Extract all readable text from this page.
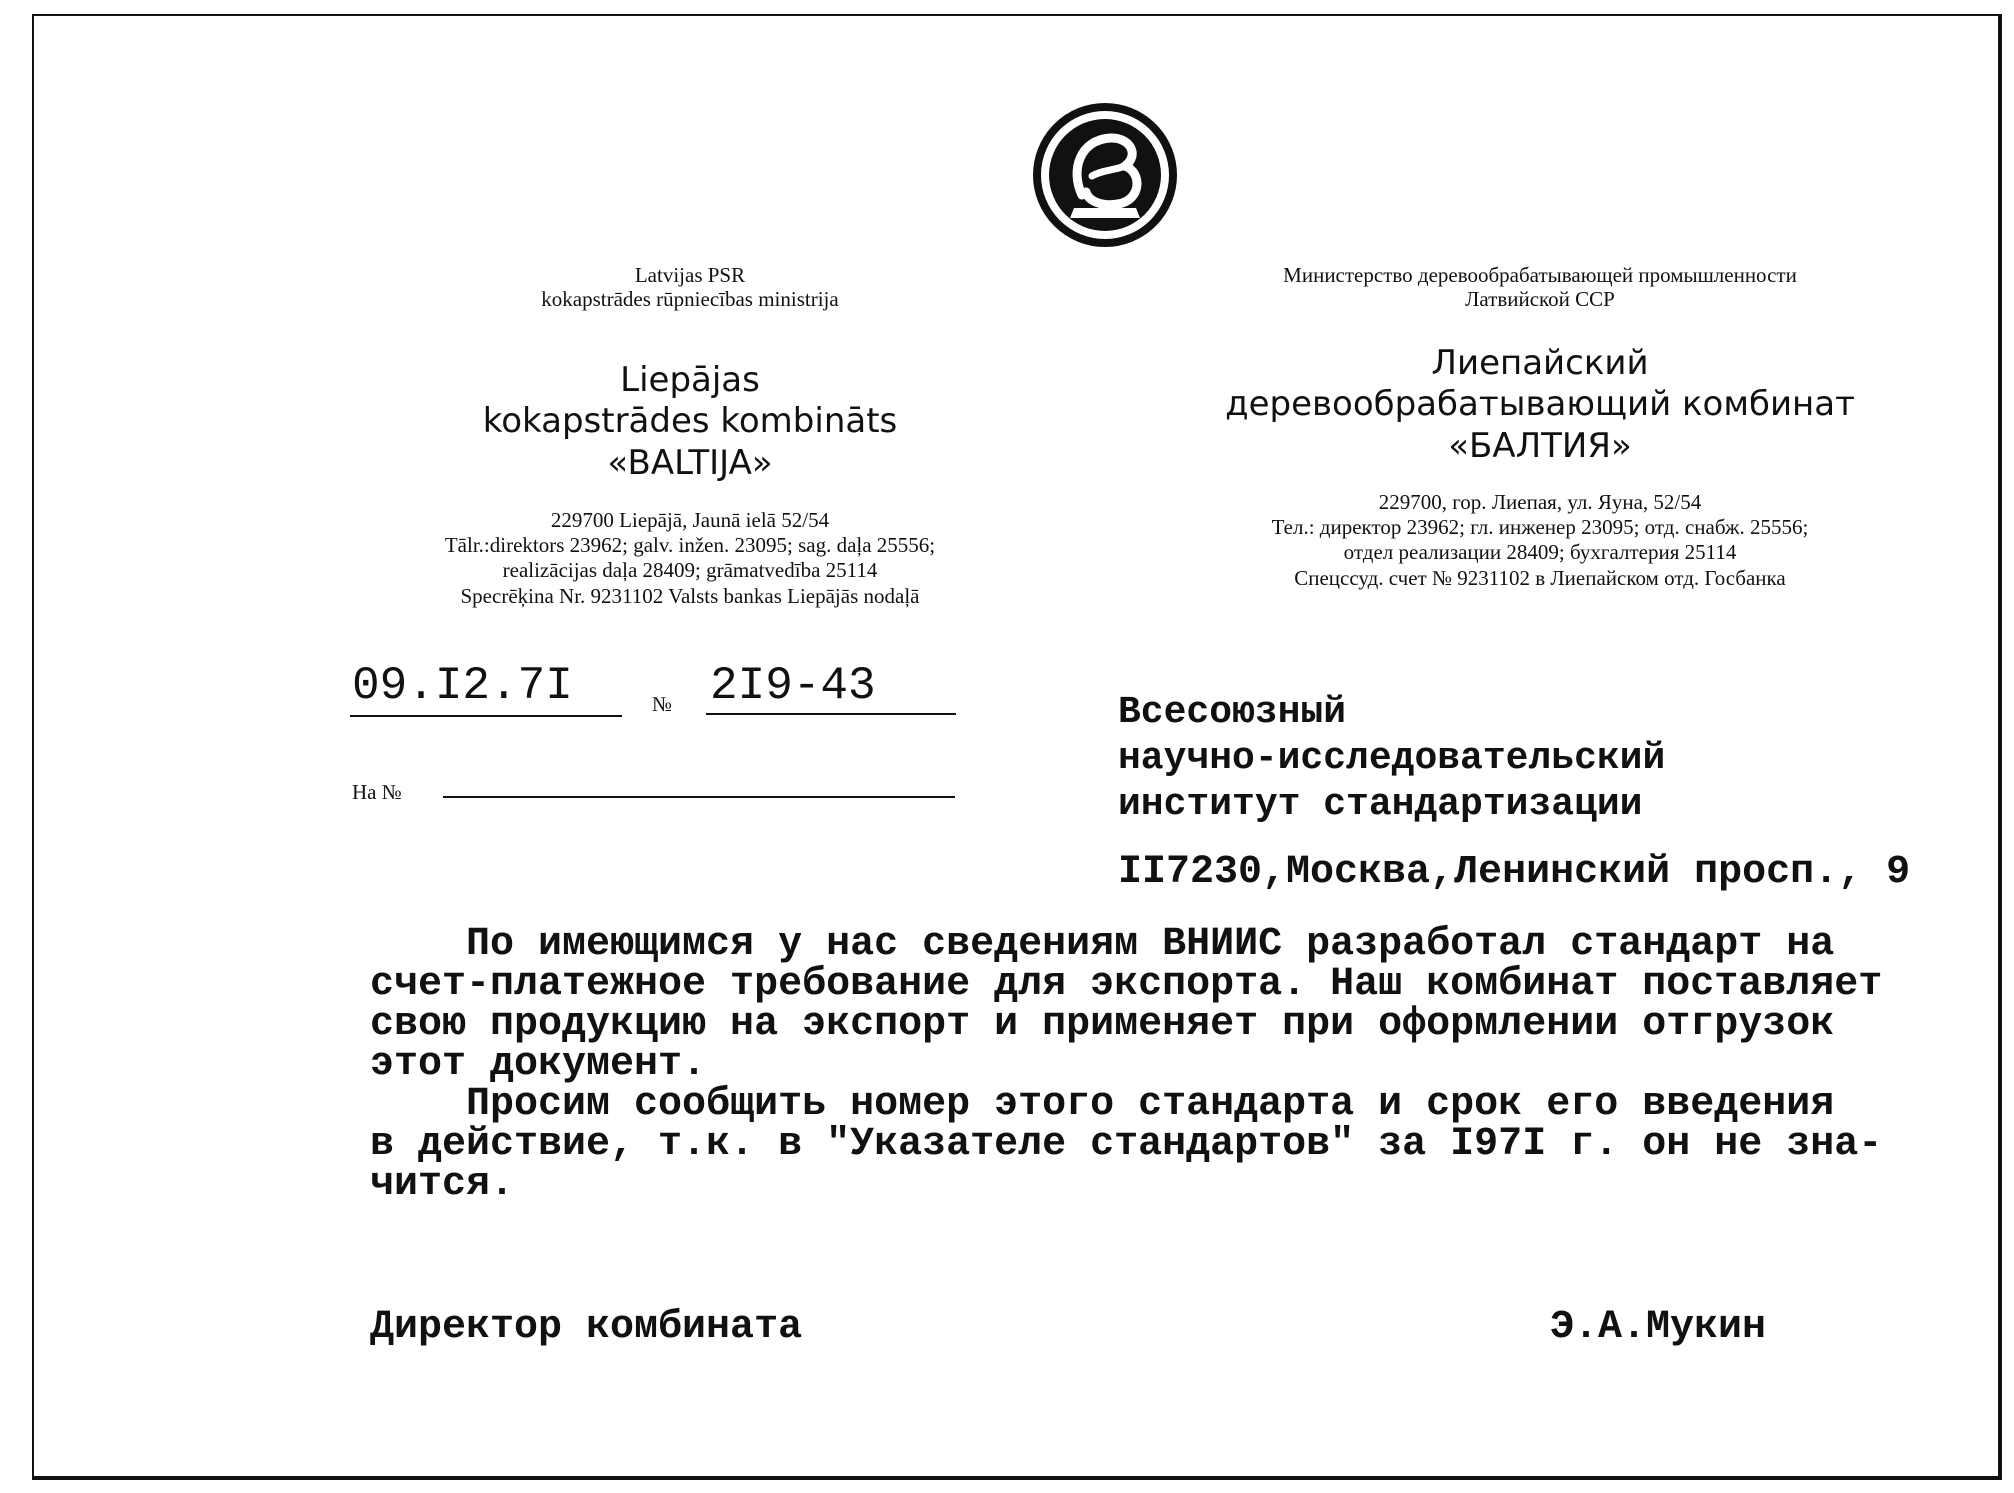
Latvijas PSR
kokapstrādes rūpniecības ministrija
Liepājas
kokapstrādes kombināts
«BALTIJA»
229700 Liepājā, Jaunā ielā 52/54
Tālr.:direktors 23962; galv. inžen. 23095; sag. daļa 25556;
realizācijas daļa 28409; grāmatvedība 25114
Specrēķina Nr. 9231102 Valsts bankas Liepājās nodaļā
Министерство деревообрабатывающей промышленности
Латвийской ССР
Лиепайский
деревообрабатывающий комбинат
«БАЛТИЯ»
229700, гор. Лиепая, ул. Яуна, 52/54
Тел.: директор 23962; гл. инженер 23095; отд. снабж. 25556;
отдел реализации 28409; бухгалтерия 25114
Спецссуд. счет № 9231102 в Лиепайском отд. Госбанка
09.I2.7I	№ 2I9-43
На №
Всесоюзный
научно-исследовательский
институт стандартизации
II7230,Москва,Ленинский просп., 9

По имеющимся у нас сведениям ВНИИС разработал стандарт на

счет-платежное требование для экспорта. Наш комбинат поставляет

свою продукцию на экспорт и применяет при оформлении отгрузок

этот документ.

Просим сообщить номер этого стандарта и срок его введения

в действие, т.к. в "Указателе стандартов" за I97I г. он не зна-

чится.

Директор комбината	Э.А.Мукин
